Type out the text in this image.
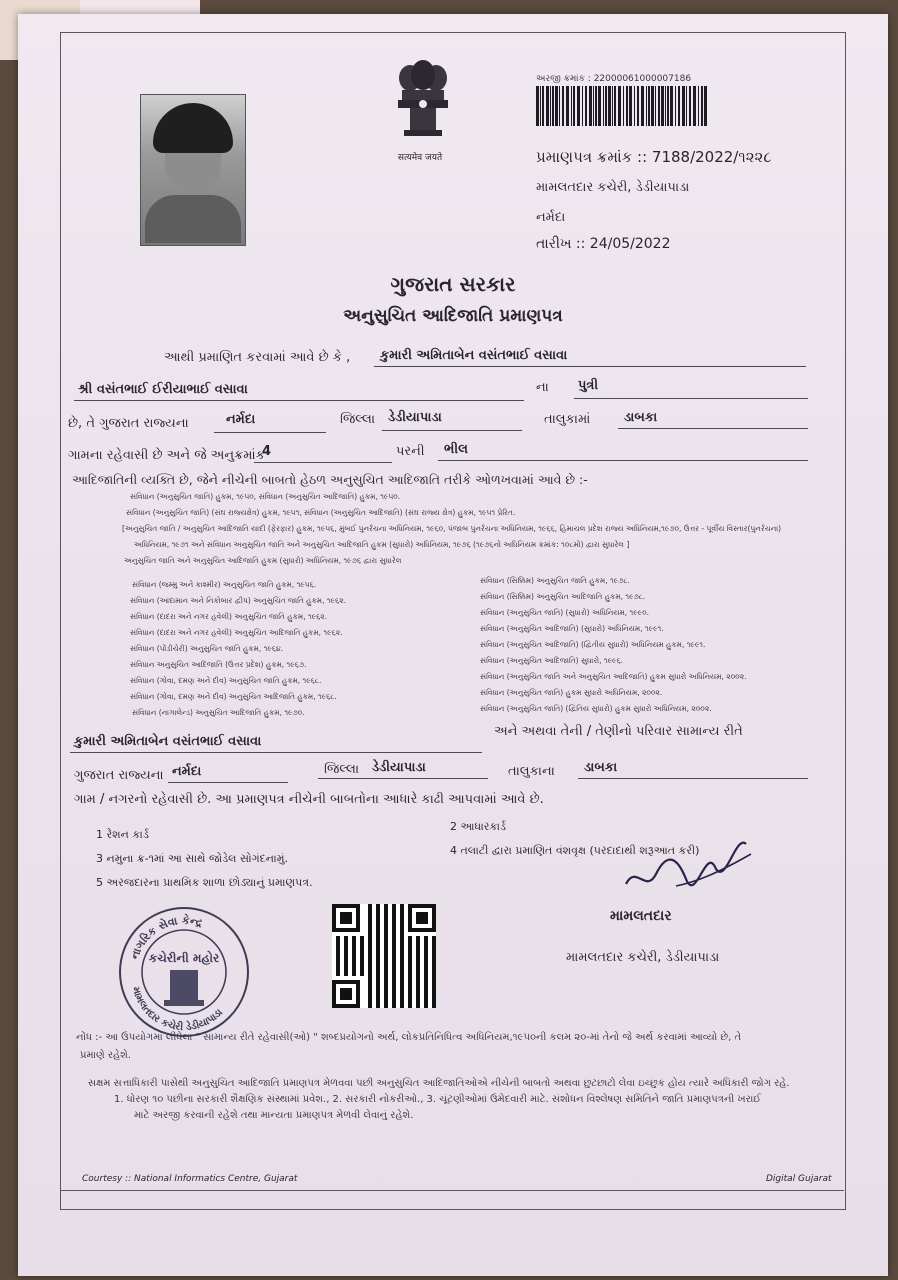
सत्यमेव जयते
અરજી ક્રમાંક : 22000061000007186
પ્રમાણપત્ર ક્રમાંક :: 7188/2022/૧૨૨૮
મામલતદાર કચેરી, ડેડીયાપાડા
નર્મદા
તારીખ :: 24/05/2022
ગુજરાત સરકાર
અનુસુચિત આદિજાતિ પ્રમાણપત્ર
આથી પ્રમાણિત કરવામાં આવે છે કે , કુમારી અમિતાબેન વસંતભાઈ વસાવા
શ્રી વસંતભાઈ ઈરીયાભાઈ વસાવા	ના પુત્રી
છે, તે ગુજરાત રાજ્યના	નર્મદા	જિલ્લા ડેડીયાપાડા	તાલુકામાં	ડાબકા
ગામના રહેવાસી છે અને જે અનુક્રમાંક
4	પરની ભીલ
આદિજાતિની વ્યક્તિ છે, જેને નીચેની બાબતો હેઠળ અનુસુચિત આદિજાતિ તરીકે ઓળખવામાં આવે છે :-
સંવિધાન (અનુસુચિત જાતિ) હુકમ, ૧૯૫૦, સંવિધાન (અનુસુચિત આદિજાતિ) હુકમ, ૧૯૫૦.
સંવિધાન (અનુસુચિત જાતિ) (સંઘ રાજ્યક્ષેત્ર) હુકમ, ૧૯૫૧, સંવિધાન (અનુસુચિત આદિજાતિ) (સંઘ રાજ્ય ક્ષેત્ર) હુકમ, ૧૯૫૧ પ્રેરિત.
[અનુસુચિત જાતિ / અનુસુચિત આદિજાતિ યાદી (ફેરફાર) હુકમ, ૧૯૫૬, મુંબઈ પુનર્રચના અધિનિયમ, ૧૯૬૦, પંજાબ પુનર્રચના અધિનિયમ, ૧૯૬૬, હિમાચલ પ્રદેશ રાજ્ય અધિનિયમ,૧૯૭૦, ઉત્તર - પૂર્વીય વિસ્તાર(પુનર્રચના)
અધિનિયમ, ૧૯૭૧ અને સંવિધાન અનુસુચિત જાતિ અને અનુસુચિત આદિજાતિ હુકમ (સુધારો) અધિનિયમ, ૧૯૭૬ (૧૯૭૬નો અધિનિયમ ક્રમાંક: ૧૦૮મો) દ્વારા સુધારેલ ]
અનુસુચિત જાતિ અને અનુસુચિત આદિજાતિ હુકમ (સુધારો) અધિનિયમ, ૧૯૭૬ દ્વારા સુધારેલ
સંવિધાન (જમ્મુ અને કાશ્મીર) અનુસુચિત જાતિ હુકમ, ૧૯૫૬.
સંવિધાન (આંદામાન અને નિકોબાર દ્વીપ) અનુસુચિત જાતિ હુકમ, ૧૯૬૨.
સંવિધાન (દાદરા અને નગર હવેલી) અનુસુચિત જાતિ હુકમ, ૧૯૬૨.
સંવિધાન (દાદરા અને નગર હવેલી) અનુસુચિત આદિજાતિ હુકમ, ૧૯૬૨.
સંવિધાન (પોંડીચેરી) અનુસુચિત જાતિ હુકમ, ૧૯૬૪.
સંવિધાન અનુસુચિત આદિજાતિ (ઉત્તર પ્રદેશ) હુકમ, ૧૯૬૭.
સંવિધાન (ગોવા, દમણ અને દીવ) અનુસુચિત જાતિ હુકમ, ૧૯૬૮.
સંવિધાન (ગોવા, દમણ અને દીવ) અનુસુચિત આદિજાતિ હુકમ, ૧૯૬૮.
સંવિધાન (નાગાલેન્ડ) અનુસુચિત આદિજાતિ હુકમ, ૧૯૭૦.
સંવિધાન (સિક્કિમ) અનુસુચિત જાતિ હુકમ, ૧૯૭૮.
સંવિધાન (સિક્કિમ) અનુસુચિત આદિજાતિ હુકમ, ૧૯૭૮.
સંવિધાન (અનુસુચિત જાતિ) (સુધારો) અધિનિયમ, ૧૯૯૦.
સંવિધાન (અનુસુચિત આદિજાતિ) (સુધારો) અધિનિયમ, ૧૯૯૧.
સંવિધાન (અનુસુચિત આદિજાતિ) (દ્વિતીય સુધારો) અધિનિયમ હુકમ, ૧૯૯૧.
સંવિધાન (અનુસુચિત આદિજાતિ) સુધારો, ૧૯૯૬.
સંવિધાન (અનુસુચિત જાતિ અને અનુસુચિત આદિજાતિ) હુકમ સુધારો અધિનિયમ, ૨૦૦૨.
સંવિધાન (અનુસુચિત જાતિ) હુકમ સુધારો અધિનિયમ, ૨૦૦૨.
સંવિધાન (અનુસુચિત જાતિ) (દ્વિતિય સુધારો) હુકમ સુધારો અધિનિયમ, ૨૦૦૨.
કુમારી અમિતાબેન વસંતભાઈ વસાવા
અને અથવા તેની / તેણીનો પરિવાર સામાન્ય રીતે
ગુજરાત રાજ્યના નર્મદા	જિલ્લા ડેડીયાપાડા	તાલુકાના ડાબકા
ગામ / નગરનો રહેવાસી છે. આ પ્રમાણપત્ર નીચેની બાબતોના આધારે કાઢી આપવામાં આવે છે.
1 રેશન કાર્ડ
2 આધારકાર્ડ
3 નમુના ક્ર-૧માં આ સાથે જોડેલ સોગંદનામું.
4 તલાટી દ્વારા પ્રમાણિત વંશવૃક્ષ (પરદાદાથી શરૂઆત કરી)
5 અરજદારના પ્રાથમિક શાળા છોડ્યાનું પ્રમાણપત્ર.
નાગરિક સેવા કેન્દ્ર
મામલતદાર કચેરી ડેડીયાપાડા
કચેરીની મહોર
મામલતદાર
મામલતદાર કચેરી, ડેડીયાપાડા
નોંધ :- આ ઉપયોગમાં લીધેલા " સામાન્ય રીતે રહેવાસી(ઓ) " શબ્દપ્રયોગનો અર્થ, લોકપ્રતિનિધિત્વ અધિનિયમ,૧૯૫૦ની કલમ ૨૦-માં તેનો જે અર્થ કરવામાં આવ્યો છે, તે
પ્રમાણે રહેશે.
સક્ષમ સત્તાધિકારી પાસેથી અનુસુચિત આદિજાતિ પ્રમાણપત્ર મેળવવા પછી અનુસુચિત આદિજાતિઓએ નીચેની બાબતો અથવા છુટછાટો લેવા ઇચ્છુક હોય ત્યારે અધિકારી જોગ રહે.
1. ધોરણ ૧૦ પછીના સરકારી શૈક્ષણિક સંસ્થામાં પ્રવેશ., 2. સરકારી નોકરીઓ., 3. ચૂંટણીઓમાં ઉમેદવારી માટે. સંશોધન વિશ્લેષણ સમિતિને જાતિ પ્રમાણપત્રની ખરાઈ
માટે અરજી કરવાની રહેશે તથા માન્યતા પ્રમાણપત્ર મેળવી લેવાનું રહેશે.
Courtesy :: National Informatics Centre, Gujarat	Digital Gujarat
